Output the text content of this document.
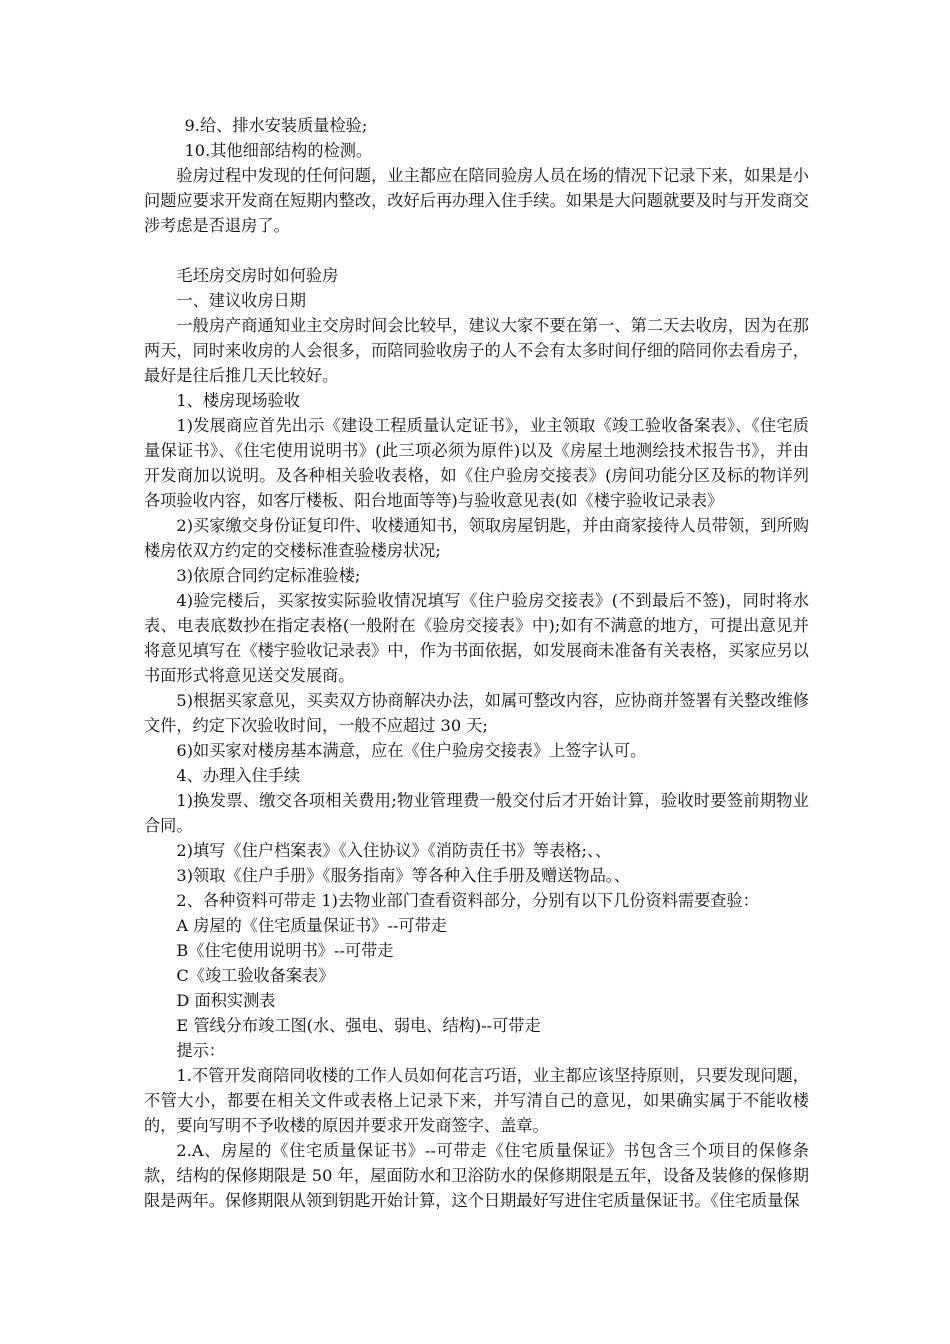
9.给、排水安装质量检验;

10.其他细部结构的检测。

验房过程中发现的任何问题，业主都应在陪同验房人员在场的情况下记录下来，如果是小问题应要求开发商在短期内整改，改好后再办理入住手续。如果是大问题就要及时与开发商交涉考虑是否退房了。

毛坯房交房时如何验房

一、建议收房日期

一般房产商通知业主交房时间会比较早，建议大家不要在第一、第二天去收房，因为在那两天，同时来收房的人会很多，而陪同验收房子的人不会有太多时间仔细的陪同你去看房子，最好是往后推几天比较好。

1、楼房现场验收

1)发展商应首先出示《建设工程质量认定证书》，业主领取《竣工验收备案表》、《住宅质量保证书》、《住宅使用说明书》(此三项必须为原件)以及《房屋土地测绘技术报告书》，并由开发商加以说明。及各种相关验收表格，如《住户验房交接表》(房间功能分区及标的物详列各项验收内容，如客厅楼板、阳台地面等等)与验收意见表(如《楼宇验收记录表》

2)买家缴交身份证复印件、收楼通知书，领取房屋钥匙，并由商家接待人员带领，到所购楼房依双方约定的交楼标准查验楼房状况;

3)依原合同约定标准验楼;

4)验完楼后，买家按实际验收情况填写《住户验房交接表》(不到最后不签)，同时将水表、电表底数抄在指定表格(一般附在《验房交接表》中);如有不满意的地方，可提出意见并将意见填写在《楼宇验收记录表》中，作为书面依据，如发展商未准备有关表格，买家应另以书面形式将意见送交发展商。

5)根据买家意见，买卖双方协商解决办法，如属可整改内容，应协商并签署有关整改维修文件，约定下次验收时间，一般不应超过 30 天;

6)如买家对楼房基本满意，应在《住户验房交接表》上签字认可。

4、办理入住手续

1)换发票、缴交各项相关费用;物业管理费一般交付后才开始计算，验收时要签前期物业合同。

2)填写《住户档案表》《入住协议》《消防责任书》等表格;、、

3)领取《住户手册》《服务指南》等各种入住手册及赠送物品。、

2、各种资料可带走 1)去物业部门查看资料部分，分别有以下几份资料需要查验：

A 房屋的《住宅质量保证书》--可带走

B《住宅使用说明书》--可带走

C《竣工验收备案表》

D 面积实测表

E 管线分布竣工图(水、强电、弱电、结构)--可带走

提示：

1.不管开发商陪同收楼的工作人员如何花言巧语，业主都应该坚持原则，只要发现问题，不管大小，都要在相关文件或表格上记录下来，并写清自己的意见，如果确实属于不能收楼的，要向写明不予收楼的原因并要求开发商签字、盖章。

2.A、房屋的《住宅质量保证书》--可带走《住宅质量保证》书包含三个项目的保修条款，结构的保修期限是 50 年，屋面防水和卫浴防水的保修期限是五年，设备及装修的保修期限是两年。保修期限从领到钥匙开始计算，这个日期最好写进住宅质量保证书。《住宅质量保
